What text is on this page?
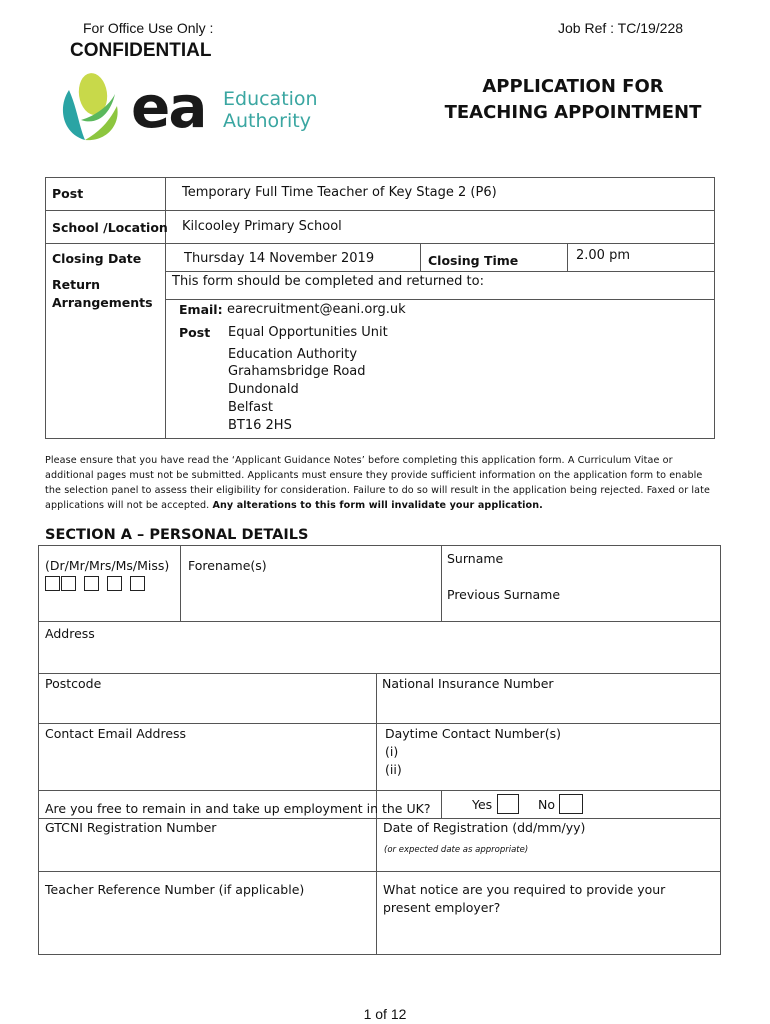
For Office Use Only :	Job Ref : TC/19/228
CONFIDENTIAL
ea Education
Authority
APPLICATION FOR
TEACHING APPOINTMENT
Post	Temporary Full Time Teacher of Key Stage 2 (P6)
School /Location Kilcooley Primary School
Closing Date	Thursday 14 November 2019	Closing Time	2.00 pm
Return
Arrangements
This form should be completed and returned to:
Email: earecruitment@eani.org.uk
Post Equal Opportunities Unit
Education Authority
Grahamsbridge Road
Dundonald
Belfast
BT16 2HS
Please ensure that you have read the ‘Applicant Guidance Notes’ before completing this application form. A Curriculum Vitae or
additional pages must not be submitted. Applicants must ensure they provide sufficient information on the application form to enable
the selection panel to assess their eligibility for consideration. Failure to do so will result in the application being rejected. Faxed or late
applications will not be accepted. Any alterations to this form will invalidate your application.
SECTION A – PERSONAL DETAILS
(Dr/Mr/Mrs/Ms/Miss) Forename(s)	Surname
Previous Surname
Address
Postcode	National Insurance Number
Contact Email Address	Daytime Contact Number(s)
(i)
(ii)
Are you free to remain in and take up employment in the UK?	Yes	No
GTCNI Registration Number	Date of Registration (dd/mm/yy)
(or expected date as appropriate)
Teacher Reference Number (if applicable)	What notice are you required to provide your
present employer?
1 of 12
